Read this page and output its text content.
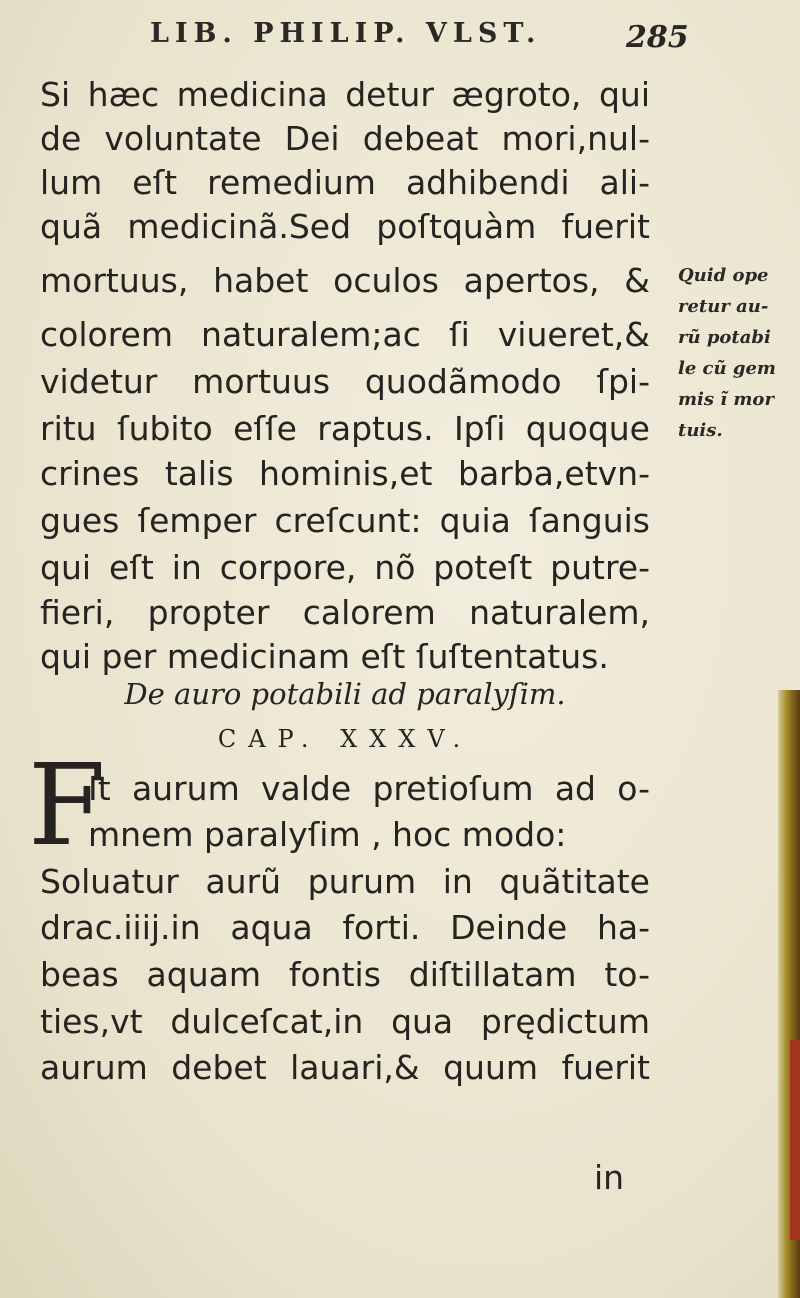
LIB. PHILIP. VLST.	285
Si hæc medicina detur ægroto, qui
de voluntate Dei debeat mori,nul-
lum eſt remedium adhibendi ali-
quã medicinã.Sed poſtquàm fuerit
mortuus, habet oculos apertos, &
colorem naturalem;ac ſi viueret,&
videtur mortuus quodãmodo ſpi-
ritu ſubito eſſe raptus. Ipſi quoque
crines talis hominis,et barba,etvn-
gues ſemper creſcunt: quia ſanguis
qui eſt in corpore, nõ poteſt putre-
fieri, propter calorem naturalem,
qui per medicinam eſt ſuſtentatus.
De auro potabili ad paralyſim.
CAP. XXXV.
F
It aurum valde pretioſum ad o-
mnem paralyſim , hoc modo:
Soluatur aurũ purum in quãtitate
drac.iiij.in aqua forti. Deinde ha-
beas aquam fontis diſtillatam to-
ties,vt dulceſcat,in qua prędictum
aurum debet lauari,& quum fuerit
in
Quid ope
retur au-
rũ potabi
le cũ gem
mis ĩ mor
tuis.
